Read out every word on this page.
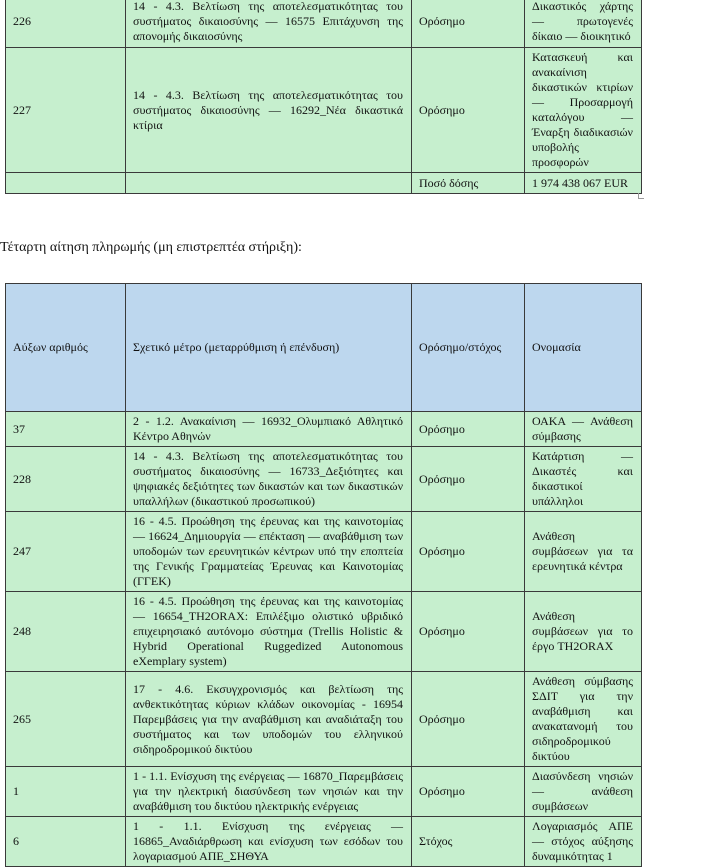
226	14 - 4.3. Βελτίωση της αποτελεσματικότητας του συστήματος δικαιοσύνης — 16575 Επιτάχυνση της απονομής δικαιοσύνης	Ορόσημο	Δικαστικός χάρτης — πρωτογενές δίκαιο — διοικητικό
227	14 - 4.3. Βελτίωση της αποτελεσματικότητας του συστήματος δικαιοσύνης — 16292_Νέα δικαστικά κτίρια	Ορόσημο	Κατασκευή και ανακαίνιση δικαστικών κτιρίων — Προσαρμογή καταλόγου — Έναρξη διαδικασιών υποβολής προσφορών
		Ποσό δόσης	1 974 438 067 EUR
Τέταρτη αίτηση πληρωμής (μη επιστρεπτέα στήριξη):
Αύξων αριθμός	Σχετικό μέτρο (μεταρρύθμιση ή επένδυση)	Ορόσημο/στόχος	Ονομασία
37	2 - 1.2. Ανακαίνιση — 16932_Ολυμπιακό Αθλητικό Κέντρο Αθηνών	Ορόσημο	ΟΑΚΑ — Ανάθεση σύμβασης
228	14 - 4.3. Βελτίωση της αποτελεσματικότητας του συστήματος δικαιοσύνης — 16733_Δεξιότητες και ψηφιακές δεξιότητες των δικαστών και των δικαστικών υπαλλήλων (δικαστικού προσωπικού)	Ορόσημο	Κατάρτιση — Δικαστές και δικαστικοί υπάλληλοι
247	16 - 4.5. Προώθηση της έρευνας και της καινοτομίας — 16624_Δημιουργία — επέκταση — αναβάθμιση των υποδομών των ερευνητικών κέντρων υπό την εποπτεία της Γενικής Γραμματείας Έρευνας και Καινοτομίας (ΓΓΕΚ)	Ορόσημο	Ανάθεση συμβάσεων για τα ερευνητικά κέντρα
248	16 - 4.5. Προώθηση της έρευνας και της καινοτομίας — 16654_TH2ORAX: Επιλέξιμο ολιστικό υβριδικό επιχειρησιακό αυτόνομο σύστημα (Trellis Holistic & Hybrid Operational Ruggedized Autonomous eXemplary system)	Ορόσημο	Ανάθεση συμβάσεων για το έργο TH2ORAX
265	17 - 4.6. Εκσυγχρονισμός και βελτίωση της ανθεκτικότητας κύριων κλάδων οικονομίας - 16954 Παρεμβάσεις για την αναβάθμιση και αναδιάταξη του συστήματος και των υποδομών του ελληνικού σιδηροδρομικού δικτύου	Ορόσημο	Ανάθεση σύμβασης ΣΔΙΤ για την αναβάθμιση και ανακατανομή του σιδηροδρομικού δικτύου
1	1 - 1.1. Ενίσχυση της ενέργειας — 16870_Παρεμβάσεις για την ηλεκτρική διασύνδεση των νησιών και την αναβάθμιση του δικτύου ηλεκτρικής ενέργειας	Ορόσημο	Διασύνδεση νησιών — ανάθεση συμβάσεων
6	1 - 1.1. Ενίσχυση της ενέργειας — 16865_Αναδιάρθρωση και ενίσχυση των εσόδων του λογαριασμού ΑΠΕ_ΣΗΘΥΑ	Στόχος	Λογαριασμός ΑΠΕ — στόχος αύξησης δυναμικότητας 1
